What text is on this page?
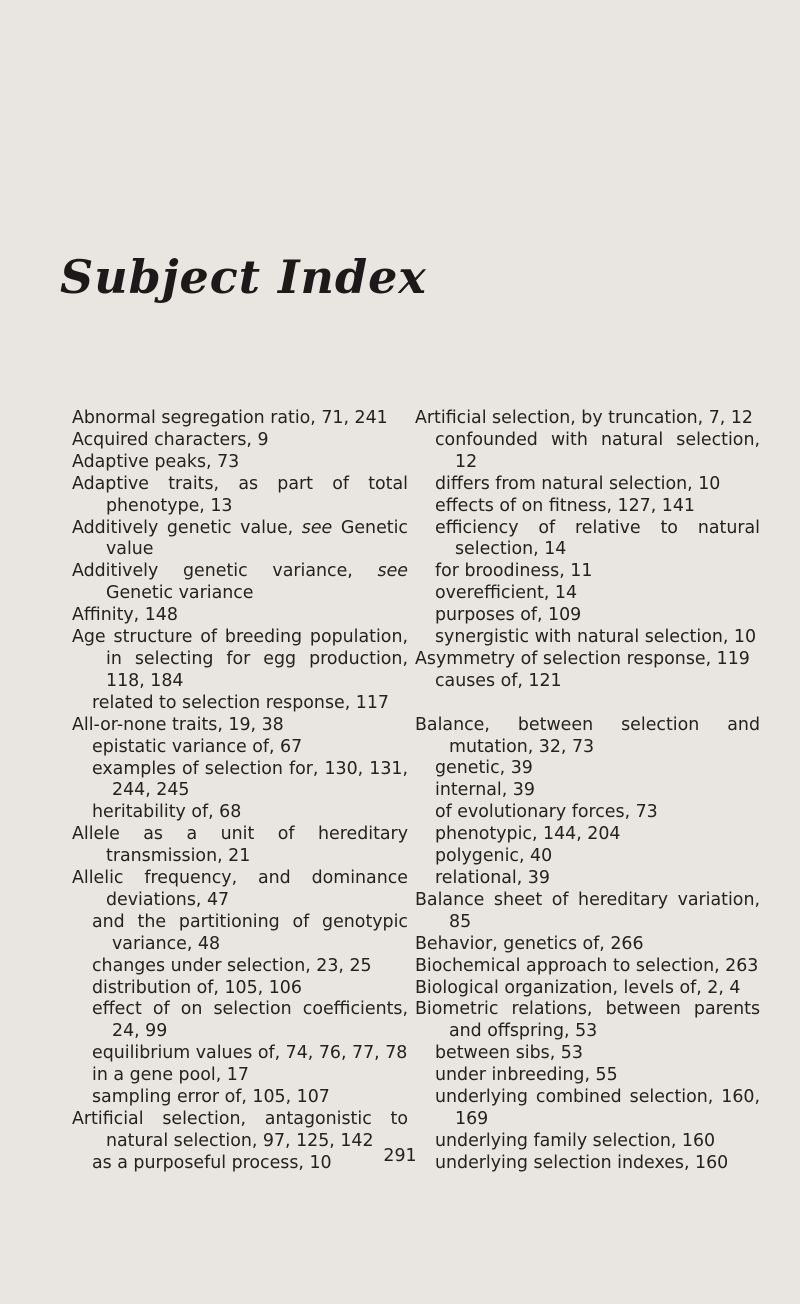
Subject Index

Abnormal segregation ratio, 71, 241

Acquired characters, 9

Adaptive peaks, 73

Adaptive traits, as part of total phenotype, 13

Additively genetic value, see Genetic value

Additively genetic variance, see Genetic variance

Affinity, 148

Age structure of breeding population, in selecting for egg production, 118, 184

related to selection response, 117

All-or-none traits, 19, 38

epistatic variance of, 67

examples of selection for, 130, 131, 244, 245

heritability of, 68

Allele as a unit of hereditary transmission, 21

Allelic frequency, and dominance deviations, 47

and the partitioning of genotypic variance, 48

changes under selection, 23, 25

distribution of, 105, 106

effect of on selection coefficients, 24, 99

equilibrium values of, 74, 76, 77, 78

in a gene pool, 17

sampling error of, 105, 107

Artificial selection, antagonistic to natural selection, 97, 125, 142

as a purposeful process, 10

Artificial selection, by truncation, 7, 12

confounded with natural selection, 12

differs from natural selection, 10

effects of on fitness, 127, 141

efficiency of relative to natural selection, 14

for broodiness, 11

overefficient, 14

purposes of, 109

synergistic with natural selection, 10

Asymmetry of selection response, 119

causes of, 121

Balance, between selection and mutation, 32, 73

genetic, 39

internal, 39

of evolutionary forces, 73

phenotypic, 144, 204

polygenic, 40

relational, 39

Balance sheet of hereditary variation, 85

Behavior, genetics of, 266

Biochemical approach to selection, 263

Biological organization, levels of, 2, 4

Biometric relations, between parents and offspring, 53

between sibs, 53

under inbreeding, 55

underlying combined selection, 160, 169

underlying family selection, 160

underlying selection indexes, 160

291
